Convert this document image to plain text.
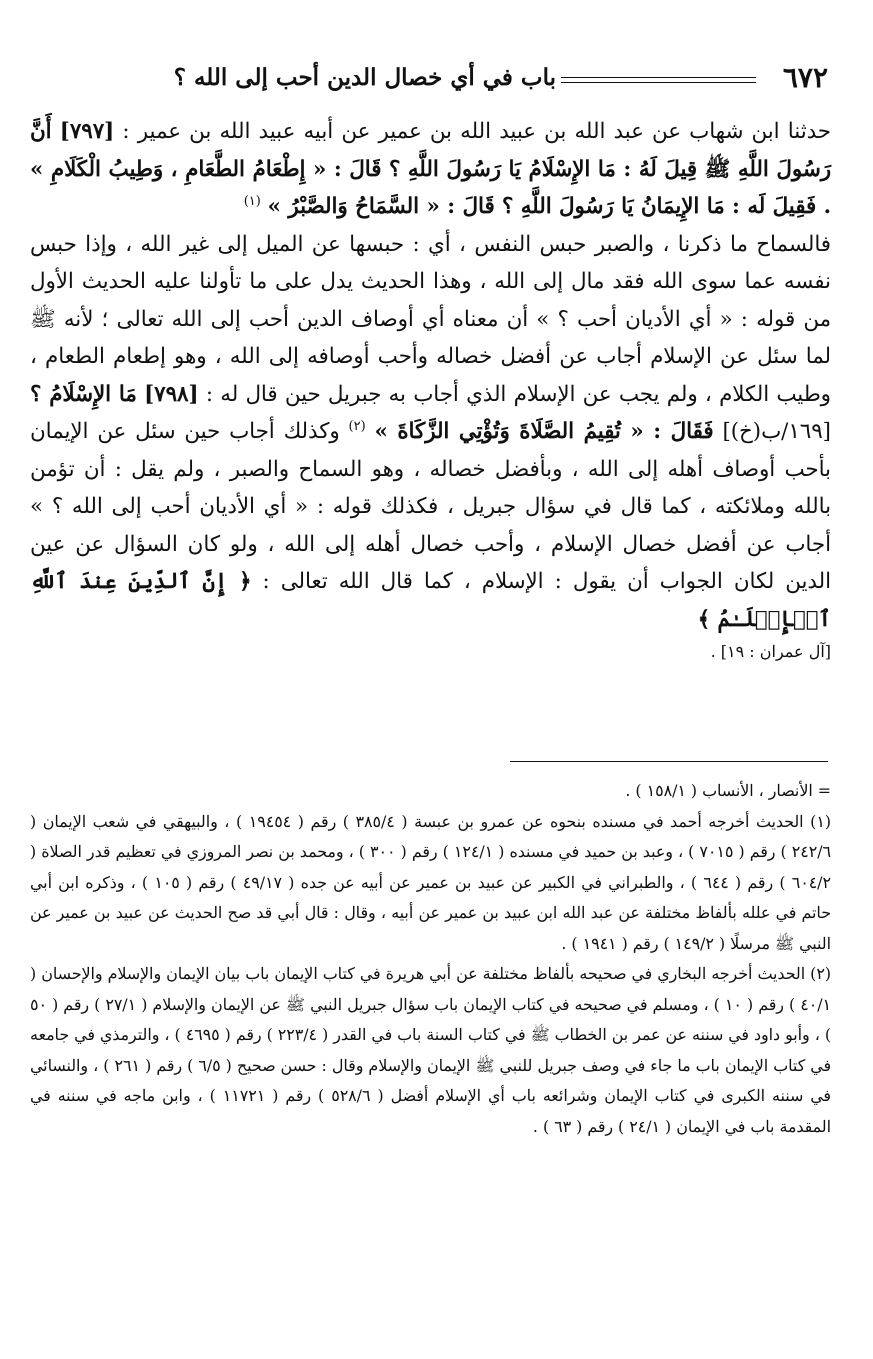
٦٧٢
باب في أي خصال الدين أحب إلى الله ؟

حدثنا ابن شهاب عن عبد الله بن عبيد الله بن عمير عن أبيه عبيد الله بن عمير : [٧٩٧] أَنَّ رَسُولَ اللَّهِ ﷺ قِيلَ لَهُ : مَا الإِسْلَامُ يَا رَسُولَ اللَّهِ ؟ قَالَ : « إِطْعَامُ الطَّعَامِ ، وَطِيبُ الْكَلَامِ » . فَقِيلَ لَه : مَا الإِيمَانُ يَا رَسُولَ اللَّهِ ؟ قَالَ : « السَّمَاحُ وَالصَّبْرُ » $^{(١)}$

فالسماح ما ذكرنا ، والصبر حبس النفس ، أي : حبسها عن الميل إلى غير الله ، وإذا حبس نفسه عما سوى الله فقد مال إلى الله ، وهذا الحديث يدل على ما تأولنا عليه الحديث الأول من قوله : « أي الأديان أحب ؟ » أن معناه أي أوصاف الدين أحب إلى الله تعالى ؛ لأنه ﷺ لما سئل عن الإسلام أجاب عن أفضل خصاله وأحب أوصافه إلى الله ، وهو إطعام الطعام ، وطيب الكلام ، ولم يجب عن الإسلام الذي أجاب به جبريل حين قال له : [٧٩٨] مَا الإِسْلَامُ ؟ [١٦٩/ب(خ)] فَقَالَ : « تُقِيمُ الصَّلَاةَ وَتُؤْتِي الزَّكَاةَ » $^{(٢)}$ وكذلك أجاب حين سئل عن الإيمان بأحب أوصاف أهله إلى الله ، وبأفضل خصاله ، وهو السماح والصبر ، ولم يقل : أن تؤمن بالله وملائكته ، كما قال في سؤال جبريل ، فكذلك قوله : « أي الأديان أحب إلى الله ؟ » أجاب عن أفضل خصال الإسلام ، وأحب خصال أهله إلى الله ، ولو كان السؤال عن عين الدين لكان الجواب أن يقول : الإسلام ، كما قال الله تعالى : ﴿ إِنَّ ٱلدِّينَ عِندَ ٱللَّهِ ٱلۡإِسۡلَـٰمُ ﴾
[آل عمران : ١٩] .

= الأنصار ، الأنساب ( ١٥٨/١ ) .

(١) الحديث أخرجه أحمد في مسنده بنحوه عن عمرو بن عبسة ( ٣٨٥/٤ ) رقم ( ١٩٤٥٤ ) ، والبيهقي في شعب الإيمان ( ٢٤٢/٦ ) رقم ( ٧٠١٥ ) ، وعبد بن حميد في مسنده ( ١٢٤/١ ) رقم ( ٣٠٠ ) ، ومحمد بن نصر المروزي في تعظيم قدر الصلاة ( ٦٠٤/٢ ) رقم ( ٦٤٤ ) ، والطبراني في الكبير عن عبيد بن عمير عن أبيه عن جده ( ٤٩/١٧ ) رقم ( ١٠٥ ) ، وذكره ابن أبي حاتم في علله بألفاظ مختلفة عن عبد الله ابن عبيد بن عمير عن أبيه ، وقال : قال أبي قد صح الحديث عن عبيد بن عمير عن النبي ﷺ مرسلًا ( ١٤٩/٢ ) رقم ( ١٩٤١ ) .

(٢) الحديث أخرجه البخاري في صحيحه بألفاظ مختلفة عن أبي هريرة في كتاب الإيمان باب بيان الإيمان والإسلام والإحسان ( ٤٠/١ ) رقم ( ١٠ ) ، ومسلم في صحيحه في كتاب الإيمان باب سؤال جبريل النبي ﷺ عن الإيمان والإسلام ( ٢٧/١ ) رقم ( ٥٠ ) ، وأبو داود في سننه عن عمر بن الخطاب ﷺ في كتاب السنة باب في القدر ( ٢٢٣/٤ ) رقم ( ٤٦٩٥ ) ، والترمذي في جامعه في كتاب الإيمان باب ما جاء في وصف جبريل للنبي ﷺ الإيمان والإسلام وقال : حسن صحيح ( ٦/٥ ) رقم ( ٢٦١ ) ، والنسائي في سننه الكبرى في كتاب الإيمان وشرائعه باب أي الإسلام أفضل ( ٥٢٨/٦ ) رقم ( ١١٧٢١ ) ، وابن ماجه في سننه في المقدمة باب في الإيمان ( ٢٤/١ ) رقم ( ٦٣ ) .
